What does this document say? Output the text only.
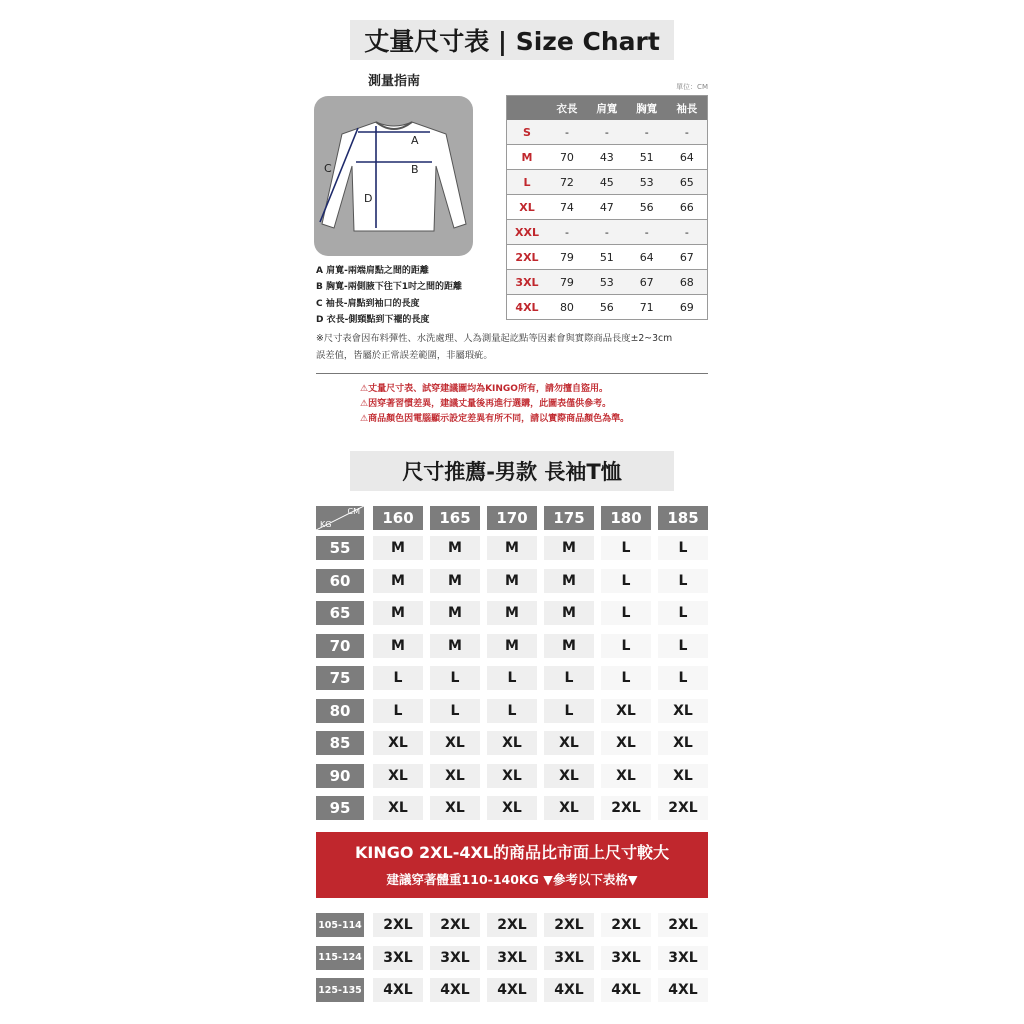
丈量尺寸表 | Size Chart
測量指南	單位：CM
A
B
C
D
	衣長	肩寬	胸寬	袖長
S	-	-	-	-
M	70	43	51	64
L	72	45	53	65
XL	74	47	56	66
XXL	-	-	-	-
2XL	79	51	64	67
3XL	79	53	67	68
4XL	80	56	71	69
A 肩寬-兩端肩點之間的距離
B 胸寬-兩側腋下往下1吋之間的距離
C 袖長-肩點到袖口的長度
D 衣長-側頸點到下襬的長度
※尺寸表會因布料彈性、水洗處理、人為測量起訖點等因素會與實際商品長度±2~3cm
誤差值，皆屬於正常誤差範圍，非屬瑕疵。
⚠丈量尺寸表、試穿建議圖均為KINGO所有，請勿擅自盜用。
⚠因穿著習慣差異，建議丈量後再進行選購，此圖表僅供參考。
⚠商品顏色因電腦顯示設定差異有所不同，請以實際商品顏色為準。
尺寸推薦-男款 長袖T恤
CM
KG	160	165	170	175	180	185
55	M	M	M	M	L	L
60	M	M	M	M	L	L
65	M	M	M	M	L	L
70	M	M	M	M	L	L
75	L	L	L	L	L	L
80	L	L	L	L	XL	XL
85	XL	XL	XL	XL	XL	XL
90	XL	XL	XL	XL	XL	XL
95	XL	XL	XL	XL	2XL	2XL
KINGO 2XL-4XL的商品比市面上尺寸較大
建議穿著體重110-140KG ▼參考以下表格▼
105-114	2XL	2XL	2XL	2XL	2XL	2XL
115-124	3XL	3XL	3XL	3XL	3XL	3XL
125-135	4XL	4XL	4XL	4XL	4XL	4XL
